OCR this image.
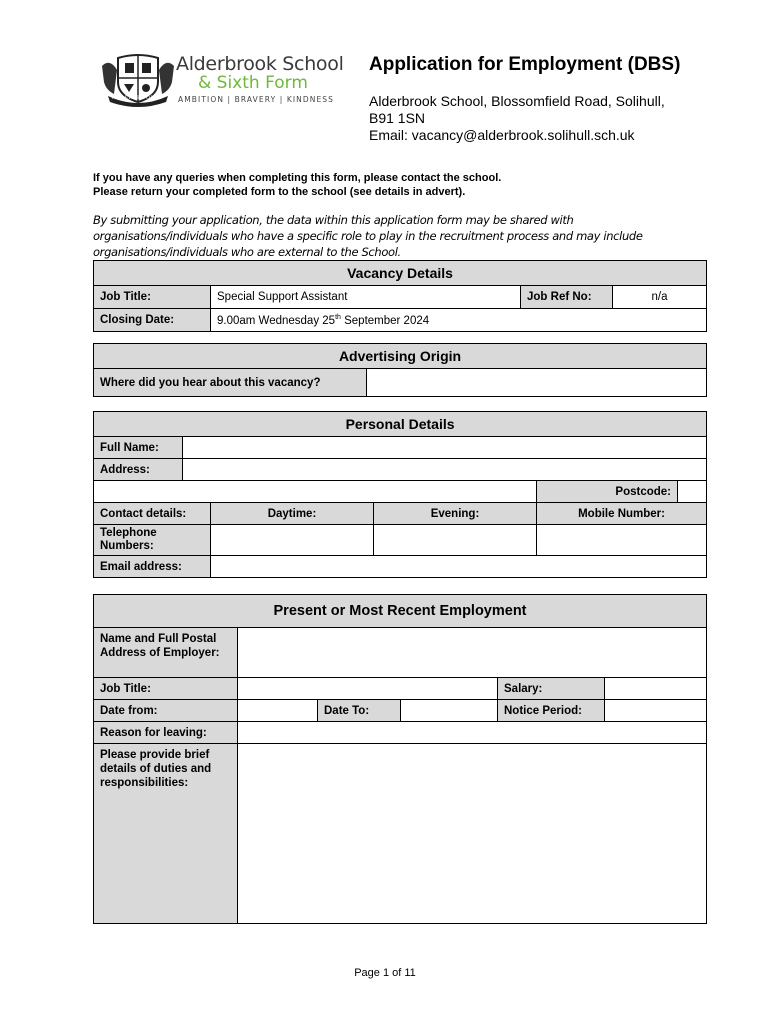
ALDERBROOK
Alderbrook School
& Sixth Form
AMBITION | BRAVERY | KINDNESS
Application for Employment (DBS)
Alderbrook School, Blossomfield Road, Solihull,
B91 1SN
Email: vacancy@alderbrook.solihull.sch.uk
If you have any queries when completing this form, please contact the school.
Please return your completed form to the school (see details in advert).
By submitting your application, the data within this application form may be shared with organisations/individuals who have a specific role to play in the recruitment process and may include organisations/individuals who are external to the School.
Vacancy Details			
Job Title:	Special Support Assistant	Job Ref No:	n/a
Closing Date:	9.00am Wednesday 25th September 2024		
Advertising Origin
Where did you hear about this vacancy?	
Personal Details					
Full Name:					
Address:					
				Postcode:	
Contact details:		Daytime:	Evening:	Mobile Number:	
Telephone Numbers:					
Email address:					
Present or Most Recent Employment					
Name and Full Postal Address of Employer:					
Job Title:				Salary:	
Date from:		Date To:		Notice Period:	
Reason for leaving:					
Please provide brief details of duties and responsibilities:					
Page 1 of 11
